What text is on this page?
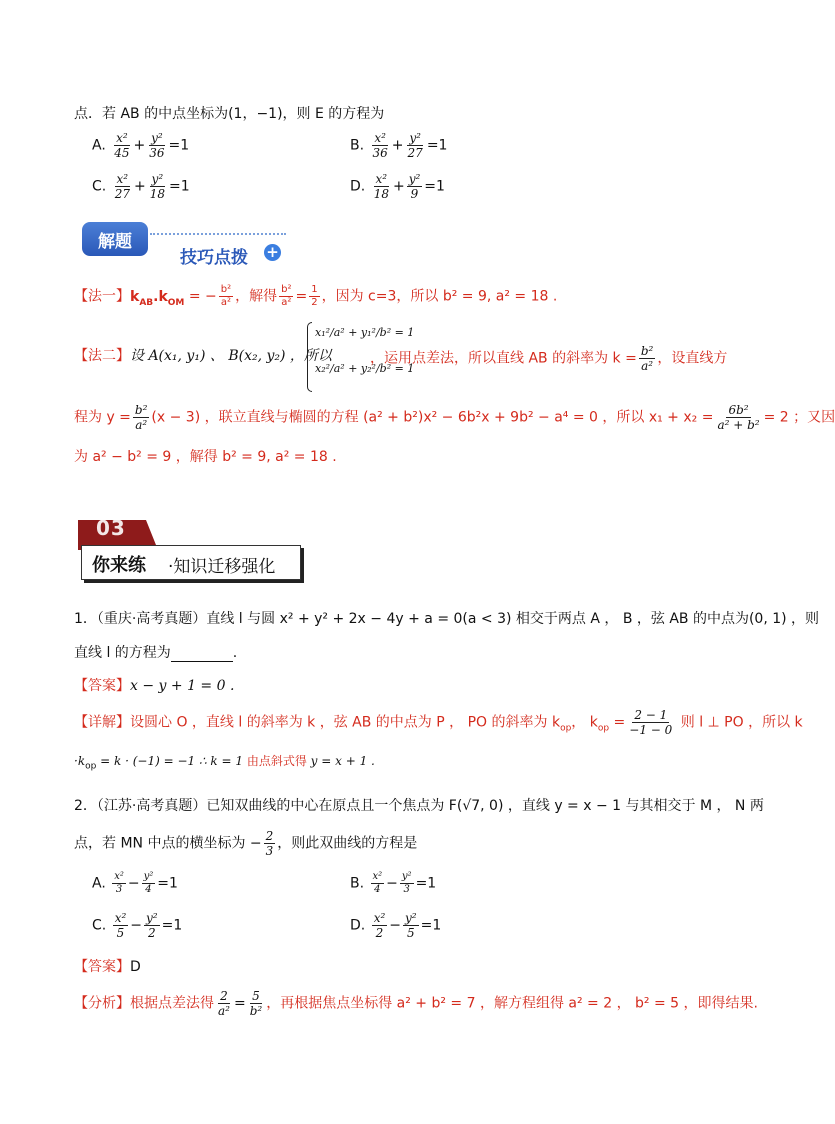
点．若 AB 的中点坐标为(1，−1)，则 E 的方程为
A. $\frac{\text{x²}}{45} + \frac{\text{y²}}{36} =1$	B. $\frac{\text{x²}}{36} + \frac{\text{y²}}{27} =1$
C. $\frac{\text{x²}}{27} + \frac{\text{y²}}{18} =1$	D. $\frac{\text{x²}}{18} + \frac{\text{y²}}{9} =1$
解题
技巧点拨 +
【法一】$k_{AB}.k_{OM}$ = − $\frac{\text{b²}}{\text{a²}}$ ，解得 $\frac{\text{b²}}{\text{a²}} = \frac{1}{2}$ ，因为 c=3，所以 b² = 9, a² = 18 .
【法二】设 A(x₁, y₁) 、 B(x₂, y₂) ，所以
x₁²/a² + y₁²/b² = 1
x₂²/a² + y₂²/b² = 1
，运用点差法，所以直线 AB 的斜率为 $k = \frac{\text{b²}}{\text{a²}}$ ，设直线方
程为 $y = \frac{\text{b²}}{\text{a²}} (x - 3)$ ，联立直线与椭圆的方程 (a² + b²)x² − 6b²x + 9b² − a⁴ = 0 ，所以 $x_1 + x_2 = \frac{\text{6b²}}{\text{a² + b²}} = 2$ ；又因
为 a² − b² = 9 ，解得 b² = 9, a² = 18 .
03
你来练 ·知识迁移强化
1．（重庆·高考真题）直线 l 与圆 x² + y² + 2x − 4y + a = 0(a < 3) 相交于两点 A ， B ，弦 AB 的中点为(0, 1) ，则
直线 l 的方程为	.
【答案】x − y + 1 = 0 .
【详解】设圆心 O ，直线 l 的斜率为 k ，弦 AB 的中点为 P ， PO 的斜率为 $k_{op}$， $k_{op} = \frac{2 - 1}{-1 - 0}$ 则 l ⊥ PO ，所以 k
$\cdot k_{op} = k \cdot (-1) = -1$ ∴ k = 1 由点斜式得 y = x + 1 .
2．（江苏·高考真题）已知双曲线的中心在原点且一个焦点为 F(√7, 0) ，直线 y = x − 1 与其相交于 M ， N 两
点，若 MN 中点的横坐标为 − $\frac{2}{3}$ ，则此双曲线的方程是
A. $\frac{\text{x²}}{3} - \frac{\text{y²}}{4} =1$	B. $\frac{\text{x²}}{4} - \frac{\text{y²}}{3} =1$
C. $\frac{\text{x²}}{5} - \frac{\text{y²}}{2} =1$	D. $\frac{\text{x²}}{2} - \frac{\text{y²}}{5} =1$
【答案】D
【分析】根据点差法得 $\frac{2}{\text{a²}} = \frac{5}{\text{b²}}$ ，再根据焦点坐标得 a² + b² = 7 ，解方程组得 a² = 2 ， b² = 5 ，即得结果.
